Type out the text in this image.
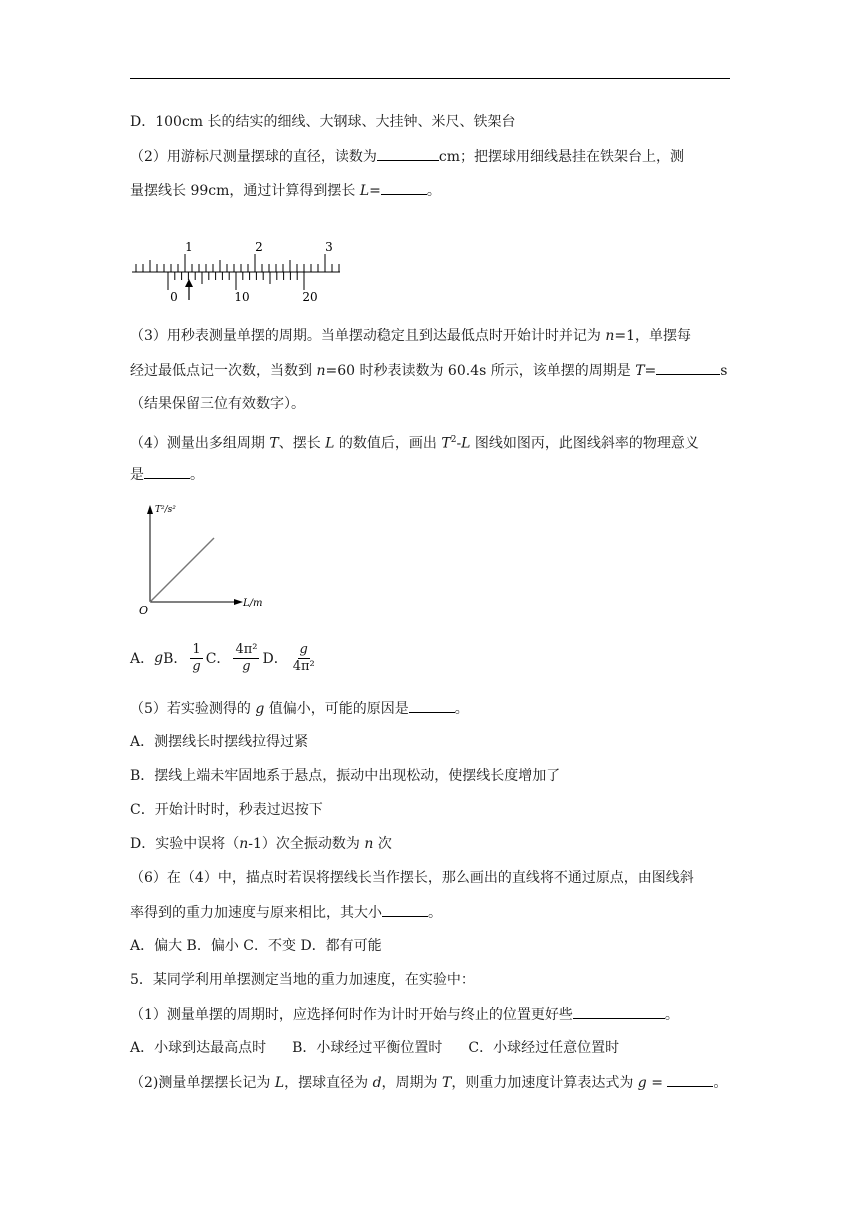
D．100cm 长的结实的细线、大钢球、大挂钟、米尺、铁架台
（2）用游标尺测量摆球的直径，读数为	cm；把摆球用细线悬挂在铁架台上，测
量摆线长 99cm，通过计算得到摆长 L=	。
1	2	3
0	10	20
（3）用秒表测量单摆的周期。当单摆动稳定且到达最低点时开始计时并记为 n=1，单摆每
经过最低点记一次数，当数到 n=60 时秒表读数为 60.4s 所示，该单摆的周期是 T=	s
（结果保留三位有效数字）。
（4）测量出多组周期 T、摆长 L 的数值后，画出 $T^2-L$ 图线如图丙，此图线斜率的物理意义
是	。
T²/s²
L/m
O
A． g B． $\frac{1}{g}$ C． $\frac{\text{4π²}}{g}$ D． $\frac{g}{\text{4π²}}$
（5）若实验测得的 g 值偏小，可能的原因是	。
A．测摆线长时摆线拉得过紧
B．摆线上端未牢固地系于悬点，振动中出现松动，使摆线长度增加了
C．开始计时时，秒表过迟按下
D．实验中误将（n-1）次全振动数为 n 次
（6）在（4）中，描点时若误将摆线长当作摆长，那么画出的直线将不通过原点，由图线斜
率得到的重力加速度与原来相比，其大小	。
A．偏大 B．偏小 C．不变 D．都有可能
5．某同学利用单摆测定当地的重力加速度，在实验中：
（1）测量单摆的周期时，应选择何时作为计时开始与终止的位置更好些	。
A．小球到达最高点时 B．小球经过平衡位置时 C．小球经过任意位置时
（2)测量单摆摆长记为 L，摆球直径为 d，周期为 T，则重力加速度计算表达式为 g =	。
